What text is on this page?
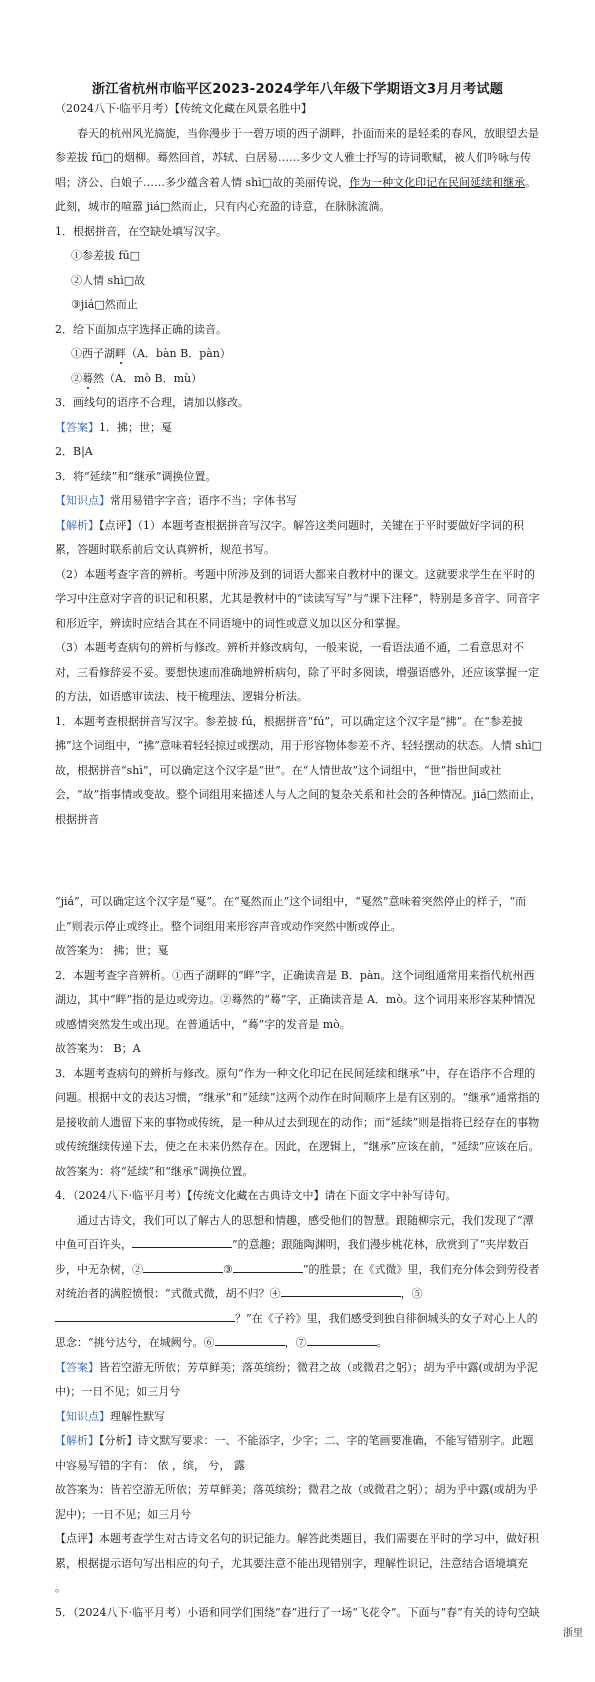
浙江省杭州市临平区2023-2024学年八年级下学期语文3月月考试题

（2024八下·临平月考）【传统文化藏在风景名胜中】

春天的杭州风光旖旎，当你漫步于一碧万顷的西子湖畔，扑面而来的是轻柔的春风，放眼望去是参差拔 fū□的烟柳。蓦然回首，苏轼、白居易……多少文人雅士抒写的诗词歌赋，被人们吟咏与传唱；济公、白娘子……多少蕴含着人情 shì□故的美丽传说，作为一种文化印记在民间延续和继承。此刻，城市的喧嚣 jiá□然而止，只有内心充盈的诗意，在脉脉流淌。

1．根据拼音，在空缺处填写汉字。

①参差拔 fū□

②人情 shì□故

③jiá□然而止

2．给下面加点字选择正确的读音。

①西子湖畔（A．bàn B．pàn）

②蓦然（A．mò B．mù）

3．画线句的语序不合理，请加以修改。

【答案】1．拂；世；戛

2．B|A

3．将“延续”和“继承”调换位置。

【知识点】常用易错字字音；语序不当；字体书写

【解析】【点评】（1）本题考查根据拼音写汉字。解答这类问题时，关键在于平时要做好字词的积累，答题时联系前后文认真辨析，规范书写。

（2）本题考查字音的辨析。考题中所涉及到的词语大都来自教材中的课文。这就要求学生在平时的学习中注意对字音的识记和积累，尤其是教材中的“读读写写”与“课下注释”，特别是多音字、同音字和形近字，辨读时应结合其在不同语境中的词性或意义加以区分和掌握。

（3）本题考查病句的辨析与修改。辨析并修改病句，一般来说，一看语法通不通，二看意思对不对，三看修辞妥不妥。要想快速而准确地辨析病句，除了平时多阅读，增强语感外，还应该掌握一定的方法，如语感审读法、枝干梳理法、逻辑分析法。

1．本题考查根据拼音写汉字。参差披 fú，根据拼音“fú”，可以确定这个汉字是“拂”。在“参差披拂”这个词组中，“拂”意味着轻轻掠过或摆动，用于形容物体参差不齐、轻轻摆动的状态。人情 shì□故，根据拼音“shì”，可以确定这个汉字是“世”。在“人情世故”这个词组中，“世”指世间或社会，“故”指事情或变故。整个词组用来描述人与人之间的复杂关系和社会的各种情况。jiá□然而止，根据拼音

“jiá”，可以确定这个汉字是“戛”。在“戛然而止”这个词组中，“戛然”意味着突然停止的样子，“而止”则表示停止或终止。整个词组用来形容声音或动作突然中断或停止。

故答案为： 拂；世；戛

2．本题考查字音辨析。①西子湖畔的“畔”字，正确读音是 B．pàn。这个词组通常用来指代杭州西湖边，其中“畔”指的是边或旁边。②蓦然的“蓦”字，正确读音是 A．mò。这个词用来形容某种情况或感情突然发生或出现。在普通话中，“蓦”字的发音是 mò。

故答案为： B；A

3．本题考查病句的辨析与修改。原句“作为一种文化印记在民间延续和继承”中，存在语序不合理的问题。根据中文的表达习惯，“继承”和“延续”这两个动作在时间顺序上是有区别的。“继承”通常指的是接收前人遗留下来的事物或传统，是一种从过去到现在的动作；而“延续”则是指将已经存在的事物或传统继续传递下去，使之在未来仍然存在。因此，在逻辑上，“继承”应该在前，“延续”应该在后。

故答案为：将“延续”和“继承”调换位置。

4．（2024八下·临平月考）【传统文化藏在古典诗文中】请在下面文字中补写诗句。

通过古诗文，我们可以了解古人的思想和情趣，感受他们的智慧。跟随柳宗元，我们发现了“潭中鱼可百许头，	”的意趣；跟随陶渊明，我们漫步桃花林，欣赏到了“夹岸数百步，中无杂树，②	③	”的胜景；在《式微》里，我们充分体会到劳役者对统治者的满腔愤恨：“式微式微，胡不归？④	，⑤？”在《子衿》里，我们感受到独自徘徊城头的女子对心上人的思念：“挑兮达兮，在城阙兮。⑥	，⑦	。

【答案】皆若空游无所依；芳草鲜美；落英缤纷；微君之故（或微君之躬）；胡为乎中露(或胡为乎泥中)；一日不见；如三月兮

【知识点】理解性默写

【解析】【分析】诗文默写要求：一、不能添字，少字；二、字的笔画要准确，不能写错别字。此题中容易写错的字有： 依 ，缤， 兮， 露

故答案为：皆若空游无所依；芳草鲜美；落英缤纷；微君之故（或微君之躬）；胡为乎中露(或胡为乎泥中)；一日不见；如三月兮

【点评】本题考查学生对古诗文名句的识记能力。解答此类题目，我们需要在平时的学习中，做好积累，根据提示语句写出相应的句子，尤其要注意不能出现错别字，理解性识记，注意结合语境填充 。

5．（2024八下·临平月考）小语和同学们围绕“春”进行了一场“飞花令”。下面与“春”有关的诗句空缺

浙里
